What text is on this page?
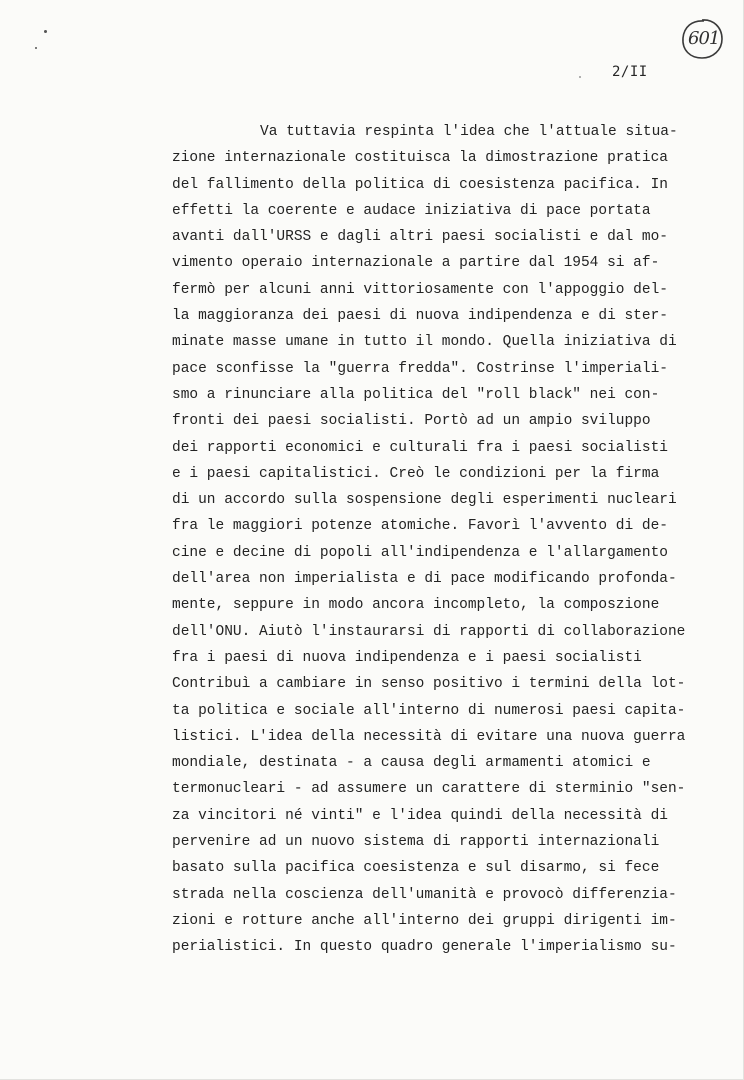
601
2/II
Va tuttavia respinta l'idea che l'attuale situa-
zione internazionale costituisca la dimostrazione pratica
del fallimento della politica di coesistenza pacifica. In
effetti la coerente e audace iniziativa di pace portata
avanti dall'URSS e dagli altri paesi socialisti e dal mo-
vimento operaio internazionale a partire dal 1954 si af-
fermò per alcuni anni vittoriosamente con l'appoggio del-
la maggioranza dei paesi di nuova indipendenza e di ster-
minate masse umane in tutto il mondo. Quella iniziativa di
pace sconfisse la "guerra fredda". Costrinse l'imperiali-
smo a rinunciare alla politica del "roll black" nei con-
fronti dei paesi socialisti. Portò ad un ampio sviluppo
dei rapporti economici e culturali fra i paesi socialisti
e i paesi capitalistici. Creò le condizioni per la firma
di un accordo sulla sospensione degli esperimenti nucleari
fra le maggiori potenze atomiche. Favorì l'avvento di de-
cine e decine di popoli all'indipendenza e l'allargamento
dell'area non imperialista e di pace modificando profonda-
mente, seppure in modo ancora incompleto, la composzione
dell'ONU. Aiutò l'instaurarsi di rapporti di collaborazione
fra i paesi di nuova indipendenza e i paesi socialisti
Contribuì a cambiare in senso positivo i termini della lot-
ta politica e sociale all'interno di numerosi paesi capita-
listici. L'idea della necessità di evitare una nuova guerra
mondiale, destinata - a causa degli armamenti atomici e
termonucleari - ad assumere un carattere di sterminio "sen-
za vincitori né vinti" e l'idea quindi della necessità di
pervenire ad un nuovo sistema di rapporti internazionali
basato sulla pacifica coesistenza e sul disarmo, si fece
strada nella coscienza dell'umanità e provocò differenzia-
zioni e rotture anche all'interno dei gruppi dirigenti im-
perialistici. In questo quadro generale l'imperialismo su-
